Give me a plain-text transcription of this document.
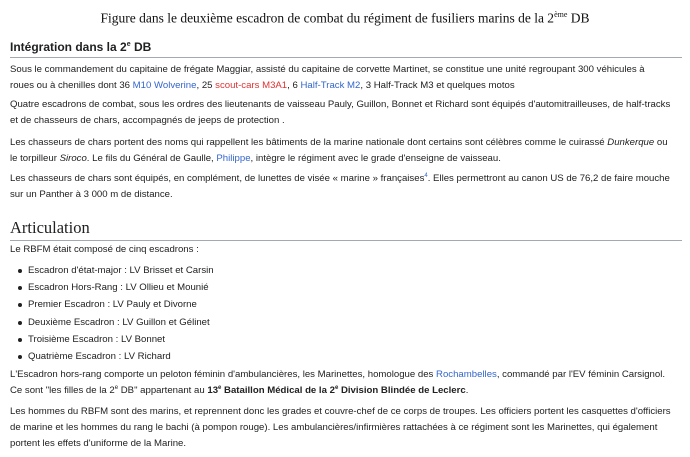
Figure dans le deuxième escadron de combat du régiment de fusiliers marins de la 2ème DB
Intégration dans la 2e DB

Sous le commandement du capitaine de frégate Maggiar, assisté du capitaine de corvette Martinet, se constitue une unité regroupant 300 véhicules à
roues ou à chenilles dont 36 M10 Wolverine, 25 scout-cars M3A1, 6 Half-Track M2, 3 Half-Track M3 et quelques motos

Quatre escadrons de combat, sous les ordres des lieutenants de vaisseau Pauly, Guillon, Bonnet et Richard sont équipés d'automitrailleuses, de half-tracks
et de chasseurs de chars, accompagnés de jeeps de protection .

Les chasseurs de chars portent des noms qui rappellent les bâtiments de la marine nationale dont certains sont célèbres comme le cuirassé Dunkerque ou
le torpilleur Siroco. Le fils du Général de Gaulle, Philippe, intègre le régiment avec le grade d'enseigne de vaisseau.

Les chasseurs de chars sont équipés, en complément, de lunettes de visée « marine » françaises$^4$. Elles permettront au canon US de 76,2 de faire mouche
sur un Panther à 3 000 m de distance.

Articulation

Le RBFM était composé de cinq escadrons :

Escadron d'état-major : LV Brisset et Carsin
Escadron Hors-Rang : LV Ollieu et Mounié
Premier Escadron : LV Pauly et Divorne
Deuxième Escadron : LV Guillon et Gélinet
Troisième Escadron : LV Bonnet
Quatrième Escadron : LV Richard

L'Escadron hors-rang comporte un peloton féminin d'ambulancières, les Marinettes, homologue des Rochambelles, commandé par l'EV féminin Carsignol.
Ce sont "les filles de la 2e DB" appartenant au 13e Bataillon Médical de la 2e Division Blindée de Leclerc.

Les hommes du RBFM sont des marins, et reprennent donc les grades et couvre-chef de ce corps de troupes. Les officiers portent les casquettes d'officiers
de marine et les hommes du rang le bachi (à pompon rouge). Les ambulancières/infirmières rattachées à ce régiment sont les Marinettes, qui également
portent les effets d'uniforme de la Marine.
